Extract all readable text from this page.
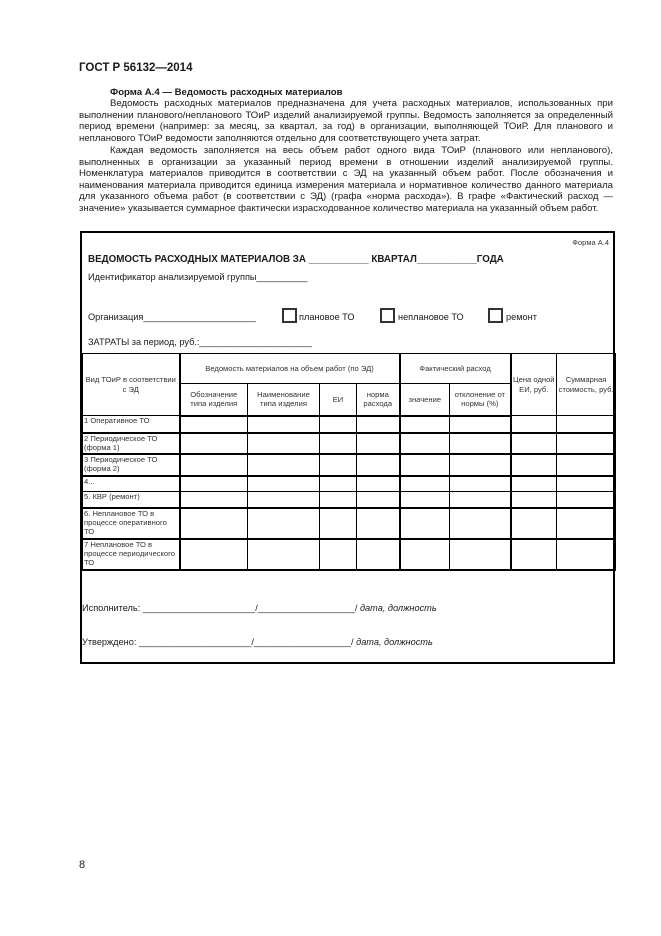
ГОСТ Р 56132—2014
Форма А.4 — Ведомость расходных материалов

Ведомость расходных материалов предназначена для учета расходных материалов, использованных при выполнении планового/непланового ТОиР изделий анализируемой группы. Ведомость заполняется за определенный период времени (например: за месяц, за квартал, за год) в организации, выполняющей ТОиР. Для планового и непланового ТОиР ведомости заполняются отдельно для соответствующего учета затрат.

Каждая ведомость заполняется на весь объем работ одного вида ТОиР (планового или непланового), выполненных в организации за указанный период времени в отношении изделий анализируемой группы. Номенклатура материалов приводится в соответствии с ЭД на указанный объем работ. После обозначения и наименования материала приводится единица измерения материала и нормативное количество данного материала для указанного объема работ (в соответствии с ЭД) (графа «норма расхода»). В графе «Фактический расход — значение» указывается суммарное фактически израсходованное количество материала на указанный объем работ.

Форма А.4
ВЕДОМОСТЬ РАСХОДНЫХ МАТЕРИАЛОВ ЗА ___________ КВАРТАЛ___________ГОДА
Идентификатор анализируемой группы__________
Организация______________________	плановое ТО	неплановое ТО	ремонт
ЗАТРАТЫ за период, руб.:______________________
Вид ТОиР в соответствии с ЭД	Ведомость материалов на объем работ (по ЭД)				Фактический расход		Цена одной ЕИ, руб.	Суммарная стоимость, руб.
	Обозначение типа изделия	Наименование типа изделия	ЕИ	норма расхода	значение	отклонение от нормы (%)		
1 Оперативное ТО								
2 Периодическое ТО (форма 1)								
3 Периодическое ТО (форма 2)								
4...								
5. КВР (ремонт)								
6. Неплановое ТО в процессе оперативного ТО								
7 Неплановое ТО в процессе периодического ТО								
Исполнитель: ______________________/___________________/ дата, должность
Утверждено: ______________________/___________________/ дата, должность
8
